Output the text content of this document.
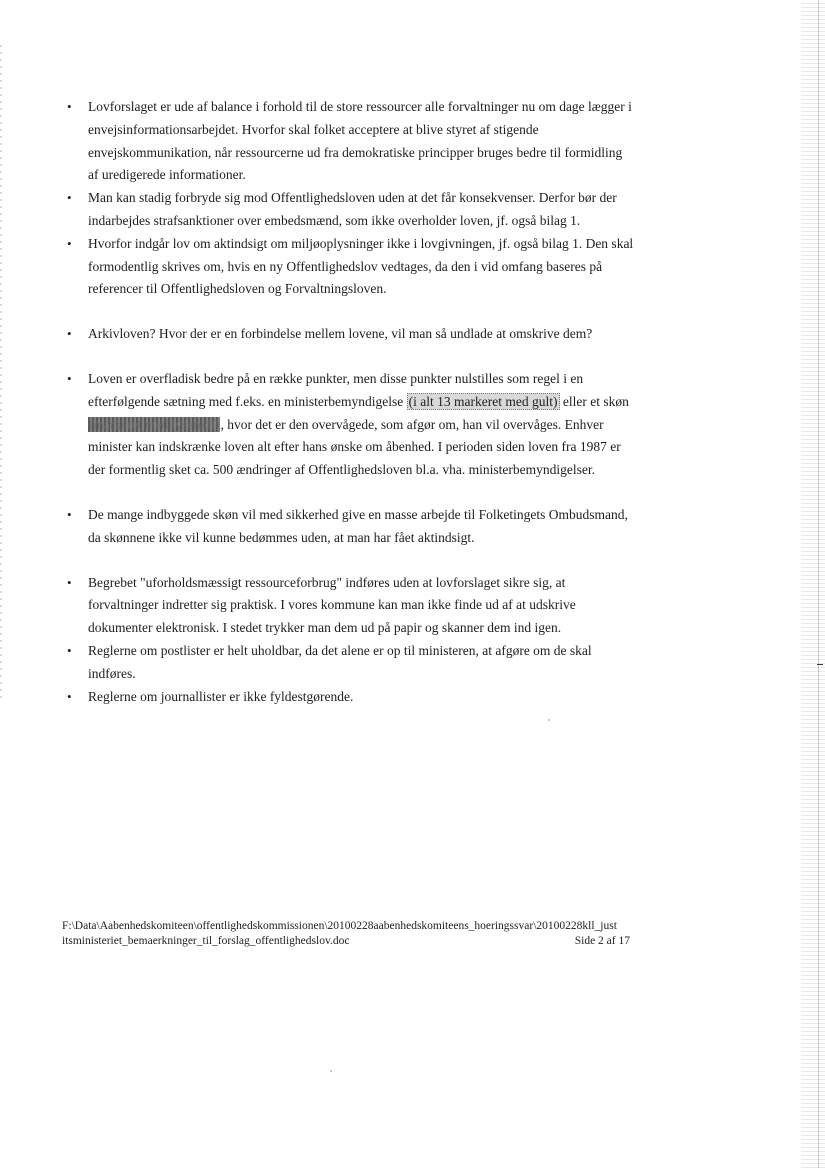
• Lovforslaget er ude af balance i forhold til de store ressourcer alle forvaltninger nu om dage lægger i envejsinformationsarbejdet. Hvorfor skal folket acceptere at blive styret af stigende envejskommunikation, når ressourcerne ud fra demokratiske principper bruges bedre til formidling af uredigerede informationer.
• Man kan stadig forbryde sig mod Offentlighedsloven uden at det får konsekvenser. Derfor bør der indarbejdes strafsanktioner over embedsmænd, som ikke overholder loven, jf. også bilag 1.
• Hvorfor indgår lov om aktindsigt om miljøoplysninger ikke i lovgivningen, jf. også bilag 1. Den skal formodentlig skrives om, hvis en ny Offentlighedslov vedtages, da den i vid omfang baseres på referencer til Offentlighedsloven og Forvaltningsloven.
• Arkivloven? Hvor der er en forbindelse mellem lovene, vil man så undlade at omskrive dem?
• Loven er overfladisk bedre på en række punkter, men disse punkter nulstilles som regel i en efterfølgende sætning med f.eks. en ministerbemyndigelse (i alt 13 markeret med gult) eller et skøn (markeret med lyserødt), hvor det er den overvågede, som afgør om, han vil overvåges. Enhver minister kan indskrænke loven alt efter hans ønske om åbenhed. I perioden siden loven fra 1987 er der formentlig sket ca. 500 ændringer af Offentlighedsloven bl.a. vha. ministerbemyndigelser.
• De mange indbyggede skøn vil med sikkerhed give en masse arbejde til Folketingets Ombudsmand, da skønnene ikke vil kunne bedømmes uden, at man har fået aktindsigt.
• Begrebet "uforholdsmæssigt ressourceforbrug" indføres uden at lovforslaget sikre sig, at forvaltninger indretter sig praktisk. I vores kommune kan man ikke finde ud af at udskrive dokumenter elektronisk. I stedet trykker man dem ud på papir og skanner dem ind igen.
• Reglerne om postlister er helt uholdbar, da det alene er op til ministeren, at afgøre om de skal indføres.
• Reglerne om journallister er ikke fyldestgørende.
F:\Data\Aabenhedskomiteen\offentlighedskommissionen\20100228aabenhedskomiteens_hoeringssvar\20100228kll_just
itsministeriet_bemaerkninger_til_forslag_offentlighedslov.doc	Side 2 af 17
